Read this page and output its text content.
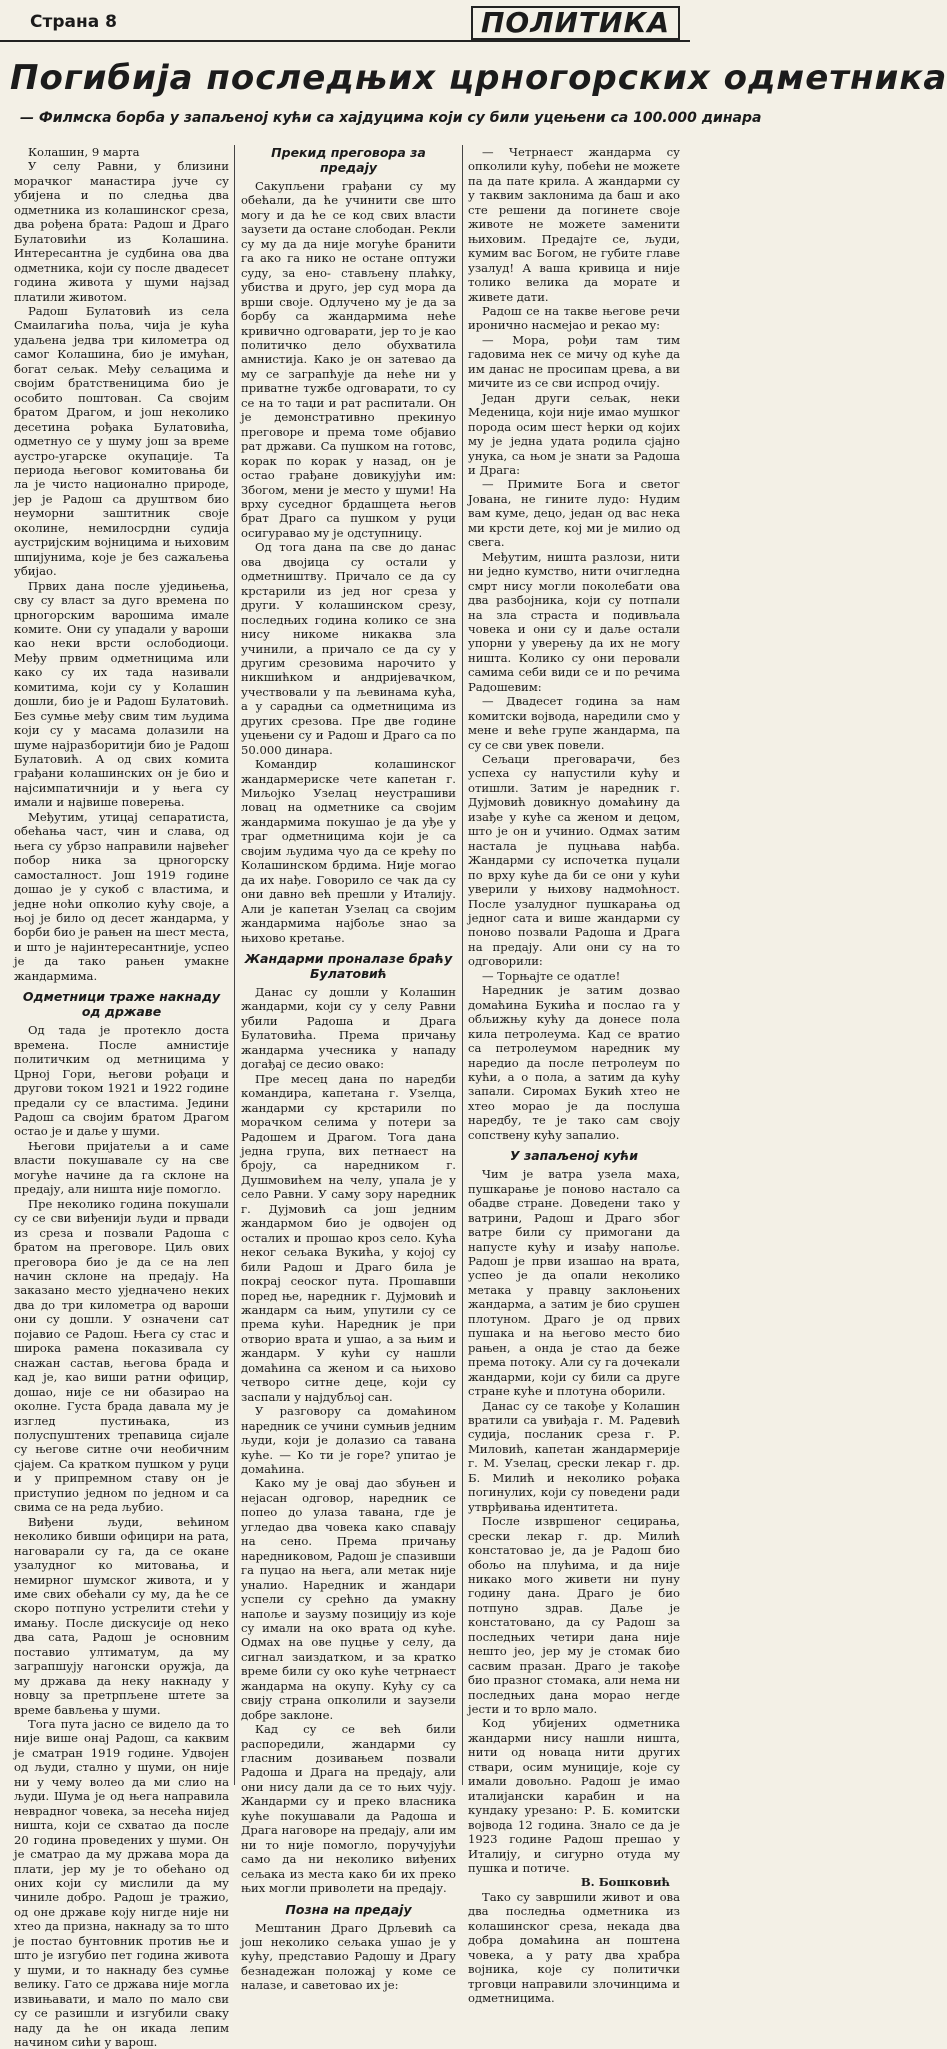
Страна 8	ПОЛИТИКА
Погибија последњих црногорских одметника
— Филмска борба у запаљеној кући са хајдуцима који су били уцењени са 100.000 динара

Колашин, 9 марта

У селу Равни, у близини морачког манастира јуче су убијена и по следња два одметника из колашинског среза, два рођена брата: Радош и Драго Булатовићи из Колашина. Интересантна је судбина ова два одметника, који су после двадесет година живота у шуми најзад платили животом.

Радош Булатовић из села Смаилагића поља, чија је кућа удаљена једва три километра од самог Колашина, био је имућан, богат сељак. Међу сељацима и својим братственицима био је особито поштован. Са својим братом Драгом, и још неколико десетина рођака Булатовића, одметнуо се у шуму још за време аустро-угарске окупације. Та периода његовог комитовања би ла је чисто национално природе, јер је Радош са друштвом био неуморни заштитник своје околине, немилосрдни судија аустријским војницима и њиховим шпијунима, које је без сажаљења убијао.

Првих дана после уједињења, сву су власт за дуго времена по црногорским варошима имале комите. Они су упадали у вароши као неки врсти ослободиоци. Међу првим одметницима или како су их тада називали комитима, који су у Колашин дошли, био је и Радош Булатовић. Без сумње међу свим тим људима који су у масама долазили на шуме најразборитији био је Радош Булатовић. А од свих комита грађани колашинских он је био и најсимпатичнији и у њега су имали и највише поверења.

Међутим, утицај сепаратиста, обећања част, чин и слава, од њега су убрзо направили највећег побор ника за црногорску самосталност. Још 1919 године дошао је у сукоб с властима, и једне ноћи опколио кућу своје, а њој је било од десет жандарма, у борби био је рањен на шест места, и што је најинтересантније, успео је да тако рањен умакне жандармима.

Одметници траже накнаду од државе

Од тада је протекло доста времена. После амнистије политичким од метницима у Црној Гори, његови рођаци и другови током 1921 и 1922 године предали су се властима. Једини Радош са својим братом Драгом остао је и даље у шуми.

Његови пријатељи а и саме власти покушавале су на све могуће начине да га склоне на предају, али ништа није помогло.

Пре неколико година покушали су се сви виђенији људи и првади из среза и позвали Радоша с братом на преговоре. Циљ ових преговора био је да се на леп начин склоне на предају. На заказано место уједначено неких два до три километра од вароши они су дошли. У означени сат појавио се Радош. Њега су стас и широка рамена показивала су снажан састав, његова брада и кад је, као виши ратни официр, дошао, није се ни обазирао на околне. Густа брада давала му је изглед пустињака, из полуспуштених трепавица сијале су његове ситне очи необичним сјајем. Са кратком пушком у руци и у припремном ставу он је приступио једном по једном и са свима се на реда љубио.

Виђени људи, већином неколико бивши официри на рата, наговарали су га, да се окане узалудног ко митовања, и немирног шумског живота, и у име свих обећали су му, да ће се скоро потпуно устрелити стећи у имању. После дискусије од неко два сата, Радош је основним поставио ултиматум, да му заграпшују нагонски оружја, да му држава да неку накнаду у новцу за претрпљене штете за време бављења у шуми.

Тога пута јасно се видело да то није више онај Радош, са каквим је сматран 1919 године. Удвојен од људи, стално у шуми, он није ни у чему волео да ми слио на људи. Шума је од њега направила неврадног човека, за несећа нијед ништа, који се схватао да после 20 година проведених у шуми. Он је сматрао да му држава мора да плати, јер му је то обећано од оних који су мислили да му чиниле добро. Радош је тражио, од оне државе коју нигде није ни хтео да призна, накнаду за то што је постао бунтовник против ње и што је изгубио пет година живота у шуми, и то накнаду без сумње велику. Гато се држава није могла извињавати, и мало по мало сви су се разишли и изгубили сваку наду да ће он икада лепим начином сићи у варош.

Прекид преговора за предају

Сакупљени грађани су му обећали, да ће учинити све што могу и да ће се код свих власти заузети да остане слободан. Рекли су му да да није могуће бранити га ако га нико не остане оптужи суду, за ено- стављену плаћку, убиства и друго, јер суд мора да врши своје. Одлучено му је да за борбу са жандармима неће кривично одговарати, јер то је као политичко дело обухватила амнистија. Како је он затевао да му се заграпћује да неће ни у приватне тужбе одговарати, то су се на то таџи и рат распитали. Он је демонстративно прекинуо преговоре и према томе објавио рат држави. Са пушком на готовс, корак по корак у назад, он је остао грађане довикујући им: Збогом, мени је место у шуми! На врху суседног брдашцета његов брат Драго са пушком у руци осигуравао му је одступницу.

Од тога дана па све до данас ова двојица су остали у одметништву. Причало се да су крстарили из јед ног среза у други. У колашинском срезу, последњих година колико се зна нису никоме никаква зла учинили, а причало се да су у другим срезовима нарочито у никшићком и андријевачком, учествовали у па љевинама кућа, а у сарадњи са одметницима из других срезова. Пре две године уцењени су и Радош и Драго са по 50.000 динара.

Командир колашинског жандармериске чете капетан г. Миљојко Узелац неустрашиви ловац на одметнике са својим жандармима покушао је да уђе у траг одметницима који је са својим људима чуо да се крећу по Колашинском брдима. Није могао да их нађе. Говорило се чак да су они давно већ прешли у Италију. Али је капетан Узелац са својим жандармима најбоље знао за њихово кретање.

Жандарми проналазе браћу Булатовић

Данас су дошли у Колашин жандарми, који су у селу Равни убили Радоша и Драга Булатовића. Према причању жандарма учесника у нападу догађај се десио овако:

Пре месец дана по наредби командира, капетана г. Узелца, жандарми су крстарили по морачком селима у потери за Радошем и Драгом. Тога дана једна група, вих петнаест на броју, са наредником г. Душмовићем на челу, упала је у село Равни. У саму зору наредник г. Дујмовић са још једним жандармом био је одвојен од осталих и прошао кроз село. Кућа неког сељака Вукића, у којој су били Радош и Драго била је покрај сеоског пута. Прошавши поред ње, наредник г. Дујмовић и жандарм са њим, упутили су се према кући. Наредник је при отворио врата и ушао, а за њим и жандарм. У кући су нашли домаћина са женом и са њихово четворо ситне деце, који су заспали у најдубљој сан.

У разговору са домаћином наредник се учини сумњив једним људи, који је долазио са тавана куће. — Ко ти је горе? упитао је домаћина.

Како му је овај дао збуњен и нејасан одговор, наредник се попео до улаза тавана, где је угледао два човека како спавају на сено. Према причању наредниковом, Радош је спазивши га пуцао на њега, али метак није уналио. Наредник и жандари успели су срећно да умакну напоље и заузму позицију из које су имали на око врата од куће. Одмах на ове пуцње у селу, да сигнал заиздатком, и за кратко време били су око куће четрнаест жандарма на окупу. Кућу су са свију страна опколили и заузели добре заклоне.

Кад су се већ били распоредили, жандарми су гласним дозивањем позвали Радоша и Драга на предају, али они нису дали да се то њих чују. Жандарми су и преко власника куће покушавали да Радоша и Драга наговоре на предају, али им ни то није помогло, поручујући само да ни неколико виђених сељака из места како би их преко њих могли приволети на предају.

Позна на предају

Мештанин Драго Дрљевић са још неколико сељака ушао је у кућу, представио Радошу и Драгу безнадежан положај у коме се налазе, и саветовао их је:

— Четрнаест жандарма су опколили кућу, побећи не можете па да пате крила. А жандарми су у таквим заклонима да баш и ако сте решени да погинете своје животе не можете заменити њиховим. Предајте се, људи, кумим вас Богом, не губите главе узалуд! А ваша кривица и није толико велика да морате и живете дати.

Радош се на такве његове речи иронично насмејао и рекао му:

— Мора, рођи там тим гадовима нек се мичу од куће да им данас не просипам црева, а ви мичите из се сви испрод очију.

Један други сељак, неки Меденица, који није имао мушког порода осим шест ћерки од којих му је једна удата родила сјајно унука, са њом је знати за Радоша и Драга:

— Примите Бога и светог Јована, не гините лудо: Нудим вам куме, децо, један од вас нека ми крсти дете, кој ми је милио од свега.

Међутим, ништа разлози, нити ни једно кумство, нити очигледна смрт нису могли поколебати ова два разбојника, који су потпали на зла страста и подивљала човека и они су и даље остали упорни у уверењу да их не могу ништа. Колико су они перовали самима себи види се и по речима Радошевим:

— Двадесет година за нам комитски војвода, наредили смо у мене и веће групе жандарма, па су се сви увек повели.

Сељаци преговарачи, без успеха су напустили кућу и отишли. Затим је наредник г. Дујмовић довикнуо домаћину да изађе у куће са женом и децом, што је он и учинио. Одмах затим настала је пуцњава нађба. Жандарми су испочетка пуцали по врху куће да би се они у кући уверили у њихову надмоћност. После узалудног пушкарања од једног сата и више жандарми су поново позвали Радоша и Драга на предају. Али они су на то одговорили:

— Торњајте се одатле!

Наредник је затим дозвао домаћина Букића и послао га у обљижњу кућу да донесе пола кила петролеума. Кад се вратио са петролеумом наредник му наредио да после петролеум по кући, а о пола, а затим да кућу запали. Сиромах Букић хтео не хтео морао је да послуша наредбу, те је тако сам своју сопствену кућу запалио.

У запаљеној кући

Чим је ватра узела маха, пушкарање је поново настало са обадве стране. Доведени тако у ватрини, Радош и Драго због ватре били су примогани да напусте кућу и изађу напоље. Радош је први изашао на врата, успео је да опали неколико метака у правцу заклоњених жандарма, а затим је био срушен плотуном. Драго је од првих пушака и на његово место био рањен, а онда је стао да беже према потоку. Али су га дочекали жандарми, који су били са друге стране куће и плотуна оборили.

Данас су се такође у Колашин вратили са увиђаја г. М. Радевић судија, посланик среза г. Р. Миловић, капетан жандармерије г. М. Узелац, срески лекар г. др. Б. Милић и неколико рођака погинулих, који су поведени ради утврђивања идентитета.

После извршеног сецирања, срески лекар г. др. Милић констатовао је, да је Радош био обољо на плућима, и да није никако мого живети ни пуну годину дана. Драго је био потпуно здрав. Даље је констатовано, да су Радош за последњих четири дана није нешто јео, јер му је стомак био сасвим празан. Драго је такође био празног стомака, али нема ни последњих дана морао негде јести и то врло мало.

Код убијених одметника жандарми нису нашли ништа, нити од новаца нити других ствари, осим муниције, које су имали довољно. Радош је имао италијански карабин и на кундаку урезано: Р. Б. комитски војвода 12 година. Знало се да је 1923 године Радош прешао у Италију, и сигурно отуда му пушка и потиче.

В. Бошковић

Тако су завршили живот и ова два последња одметника из колашинског среза, некада два добра домаћина ан поштена човека, а у рату два храбра војника, које су политички трговци направили злочинцима и одметницима.
